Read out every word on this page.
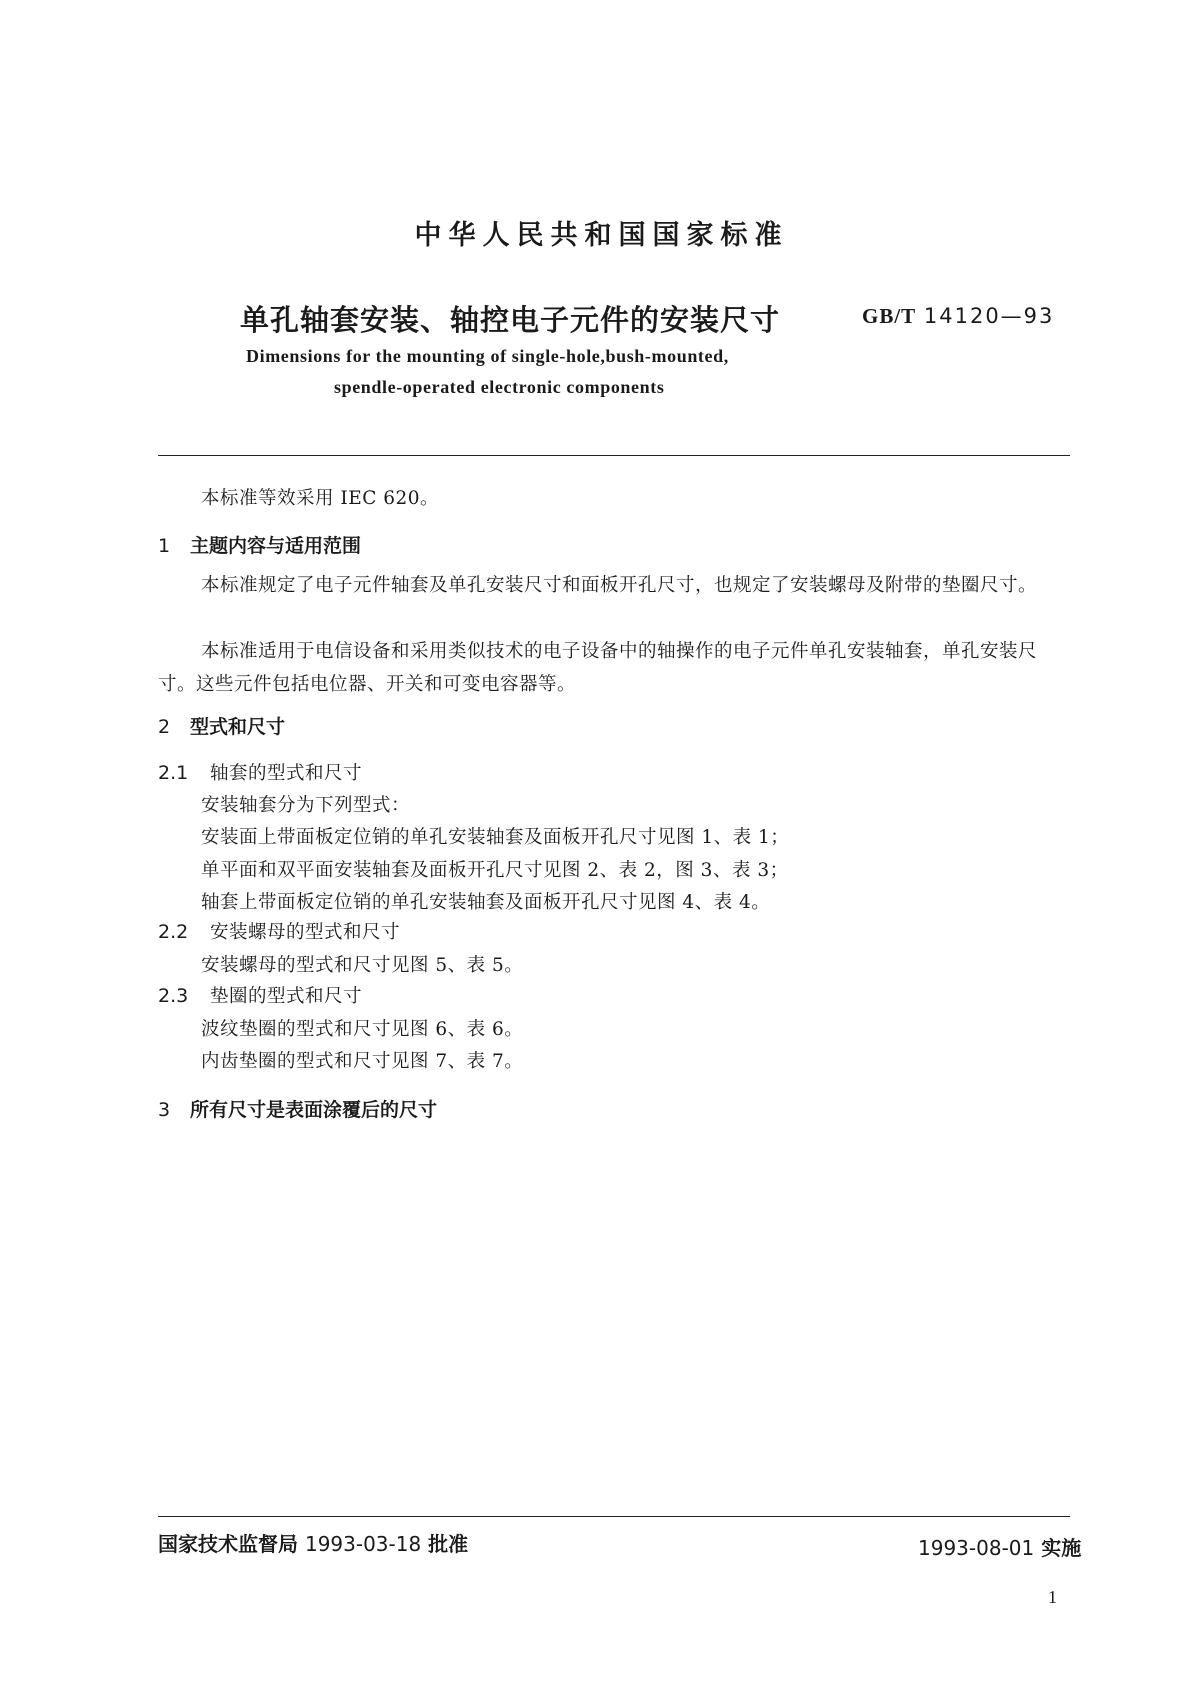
中华人民共和国国家标准
单孔轴套安装、轴控电子元件的安装尺寸	GB/T 14120—93
Dimensions for the mounting of single-hole,bush-mounted,
spendle-operated electronic components
本标准等效采用 IEC 620。
1 主题内容与适用范围
本标准规定了电子元件轴套及单孔安装尺寸和面板开孔尺寸，也规定了安装螺母及附带的垫圈尺寸。
本标准适用于电信设备和采用类似技术的电子设备中的轴操作的电子元件单孔安装轴套，单孔安装尺寸。这些元件包括电位器、开关和可变电容器等。
2 型式和尺寸
2.1 轴套的型式和尺寸
安装轴套分为下列型式：
安装面上带面板定位销的单孔安装轴套及面板开孔尺寸见图 1、表 1；
单平面和双平面安装轴套及面板开孔尺寸见图 2、表 2，图 3、表 3；
轴套上带面板定位销的单孔安装轴套及面板开孔尺寸见图 4、表 4。
2.2 安装螺母的型式和尺寸
安装螺母的型式和尺寸见图 5、表 5。
2.3 垫圈的型式和尺寸
波纹垫圈的型式和尺寸见图 6、表 6。
内齿垫圈的型式和尺寸见图 7、表 7。
3 所有尺寸是表面涂覆后的尺寸
国家技术监督局 1993-03-18 批准	1993-08-01 实施
1
